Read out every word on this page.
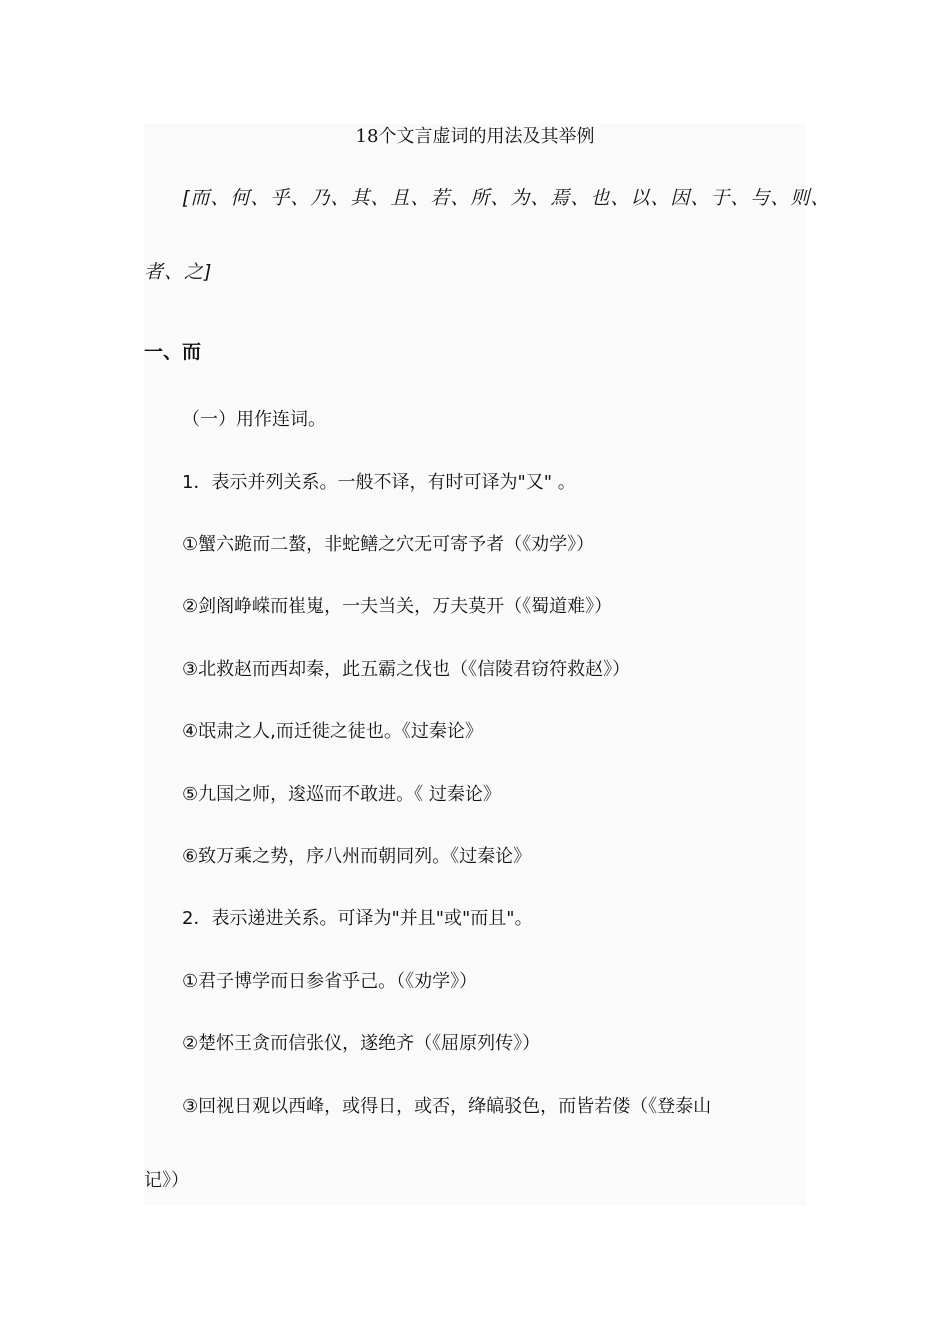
18个文言虚词的用法及其举例
[而、何、乎、乃、其、且、若、所、为、焉、也、以、因、于、与、则、
者、之]
一、而
（一）用作连词。
1．表示并列关系。一般不译，有时可译为"又" 。
①蟹六跪而二螯，非蛇鳝之穴无可寄予者（《劝学》）
②剑阁峥嵘而崔嵬，一夫当关，万夫莫开（《蜀道难》）
③北救赵而西却秦，此五霸之伐也（《信陵君窃符救赵》）
④氓肃之人,而迁徙之徒也。《过秦论》
⑤九国之师，逡巡而不敢进。《 过秦论》
⑥致万乘之势，序八州而朝同列。《过秦论》
2．表示递进关系。可译为"并且"或"而且"。
①君子博学而日参省乎己。（《劝学》）
②楚怀王贪而信张仪，遂绝齐（《屈原列传》）
③回视日观以西峰，或得日，或否，绛皜驳色，而皆若偻（《登泰山
记》）
